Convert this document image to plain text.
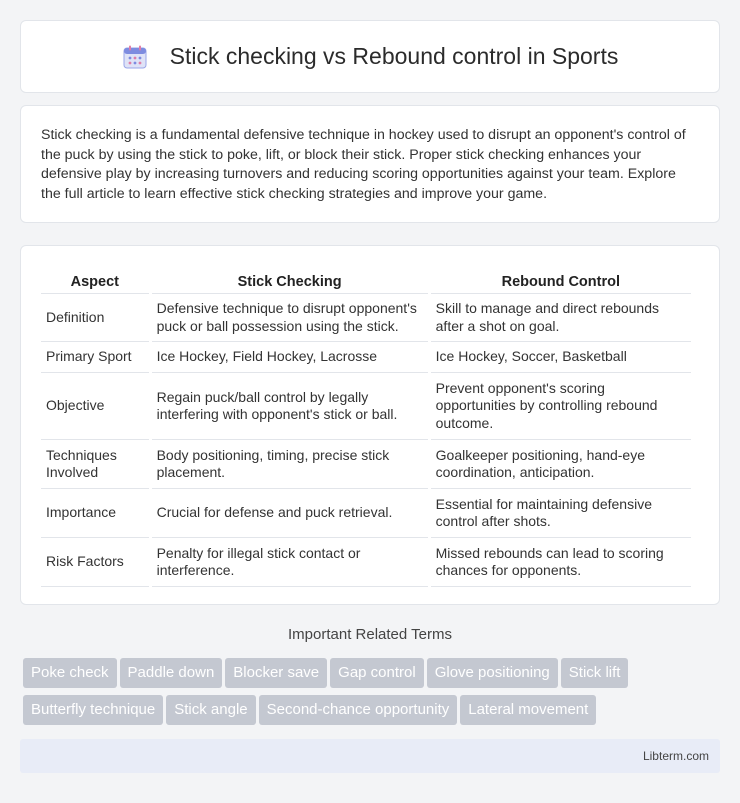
Stick checking vs Rebound control in Sports

Stick checking is a fundamental defensive technique in hockey used to disrupt an opponent's control of the puck by using the stick to poke, lift, or block their stick. Proper stick checking enhances your defensive play by increasing turnovers and reducing scoring opportunities against your team. Explore the full article to learn effective stick checking strategies and improve your game.

Aspect	Stick Checking	Rebound Control
Definition	Defensive technique to disrupt opponent's puck or ball possession using the stick.	Skill to manage and direct rebounds after a shot on goal.
Primary Sport	Ice Hockey, Field Hockey, Lacrosse	Ice Hockey, Soccer, Basketball
Objective	Regain puck/ball control by legally interfering with opponent's stick or ball.	Prevent opponent's scoring opportunities by controlling rebound outcome.
Techniques Involved	Body positioning, timing, precise stick placement.	Goalkeeper positioning, hand-eye coordination, anticipation.
Importance	Crucial for defense and puck retrieval.	Essential for maintaining defensive control after shots.
Risk Factors	Penalty for illegal stick contact or interference.	Missed rebounds can lead to scoring chances for opponents.
Important Related Terms
Poke check Paddle down Blocker save Gap control Glove positioning Stick lift
Butterfly technique Stick angle Second-chance opportunity Lateral movement
Libterm.com
